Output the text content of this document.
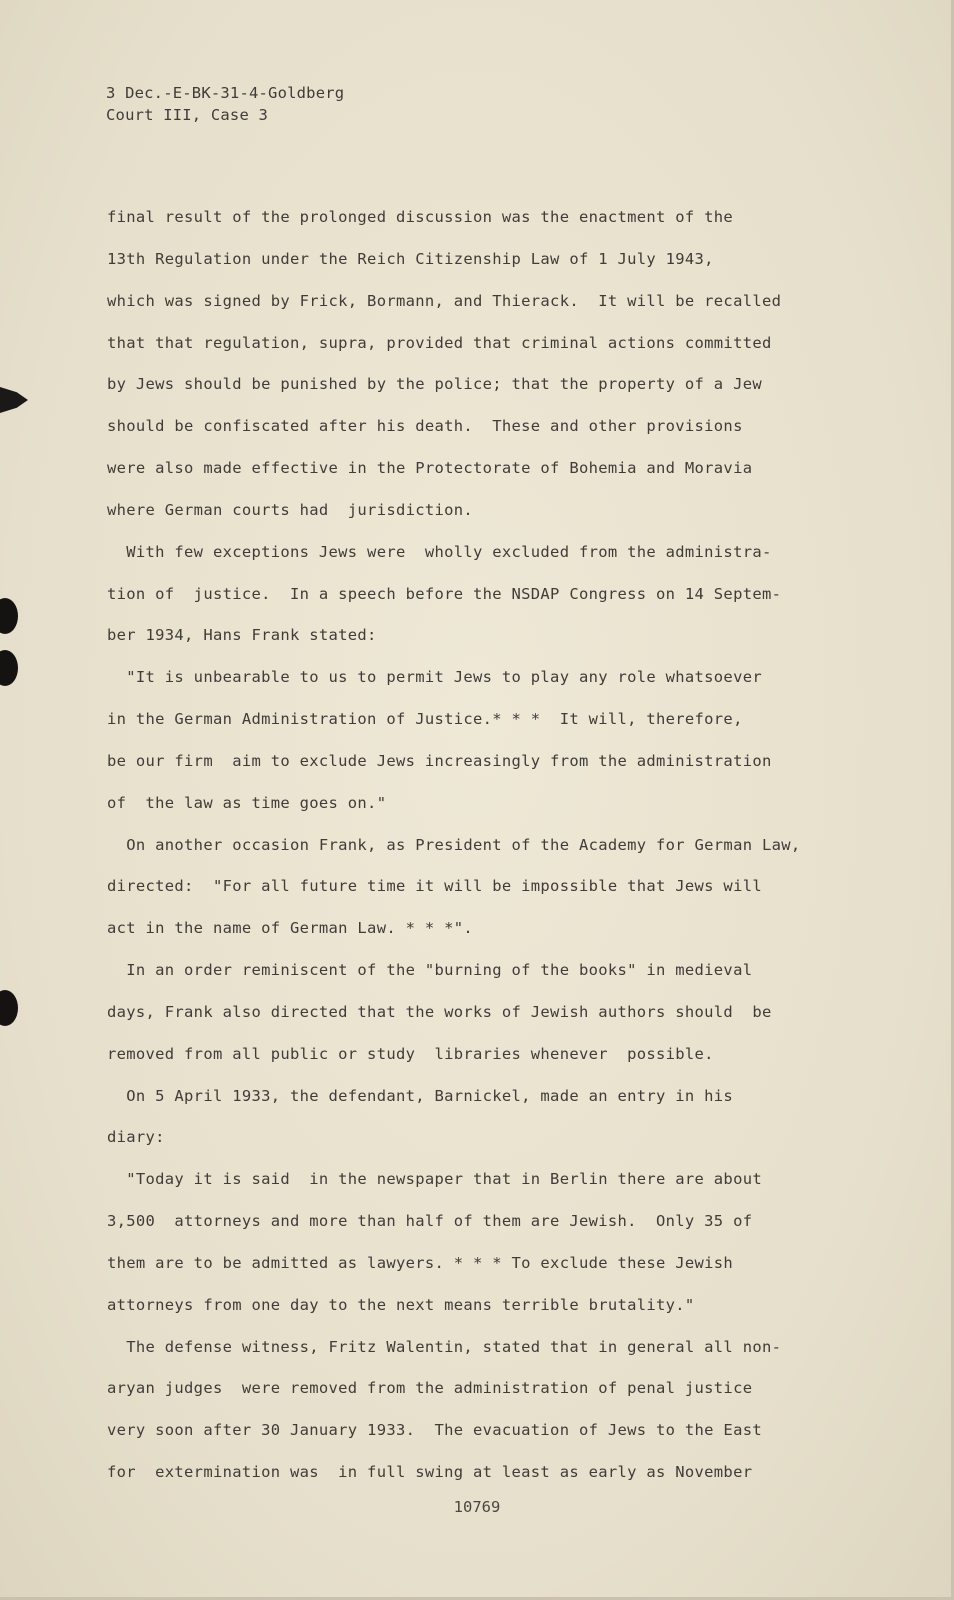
3 Dec.-E-BK-31-4-Goldberg
Court III, Case 3
final result of the prolonged discussion was the enactment of the
13th Regulation under the Reich Citizenship Law of 1 July 1943,
which was signed by Frick, Bormann, and Thierack.  It will be recalled
that that regulation, supra, provided that criminal actions committed
by Jews should be punished by the police; that the property of a Jew
should be confiscated after his death.  These and other provisions
were also made effective in the Protectorate of Bohemia and Moravia
where German courts had  jurisdiction.
With few exceptions Jews were  wholly excluded from the administra-
tion of  justice.  In a speech before the NSDAP Congress on 14 Septem-
ber 1934, Hans Frank stated:
"It is unbearable to us to permit Jews to play any role whatsoever
in the German Administration of Justice.* * *  It will, therefore,
be our firm  aim to exclude Jews increasingly from the administration
of  the law as time goes on."
On another occasion Frank, as President of the Academy for German Law,
directed:  "For all future time it will be impossible that Jews will
act in the name of German Law. * * *".
In an order reminiscent of the "burning of the books" in medieval
days, Frank also directed that the works of Jewish authors should  be
removed from all public or study  libraries whenever  possible.
On 5 April 1933, the defendant, Barnickel, made an entry in his
diary:
"Today it is said  in the newspaper that in Berlin there are about
3,500  attorneys and more than half of them are Jewish.  Only 35 of
them are to be admitted as lawyers. * * * To exclude these Jewish
attorneys from one day to the next means terrible brutality."
The defense witness, Fritz Walentin, stated that in general all non-
aryan judges  were removed from the administration of penal justice
very soon after 30 January 1933.  The evacuation of Jews to the East
for  extermination was  in full swing at least as early as November
10769
